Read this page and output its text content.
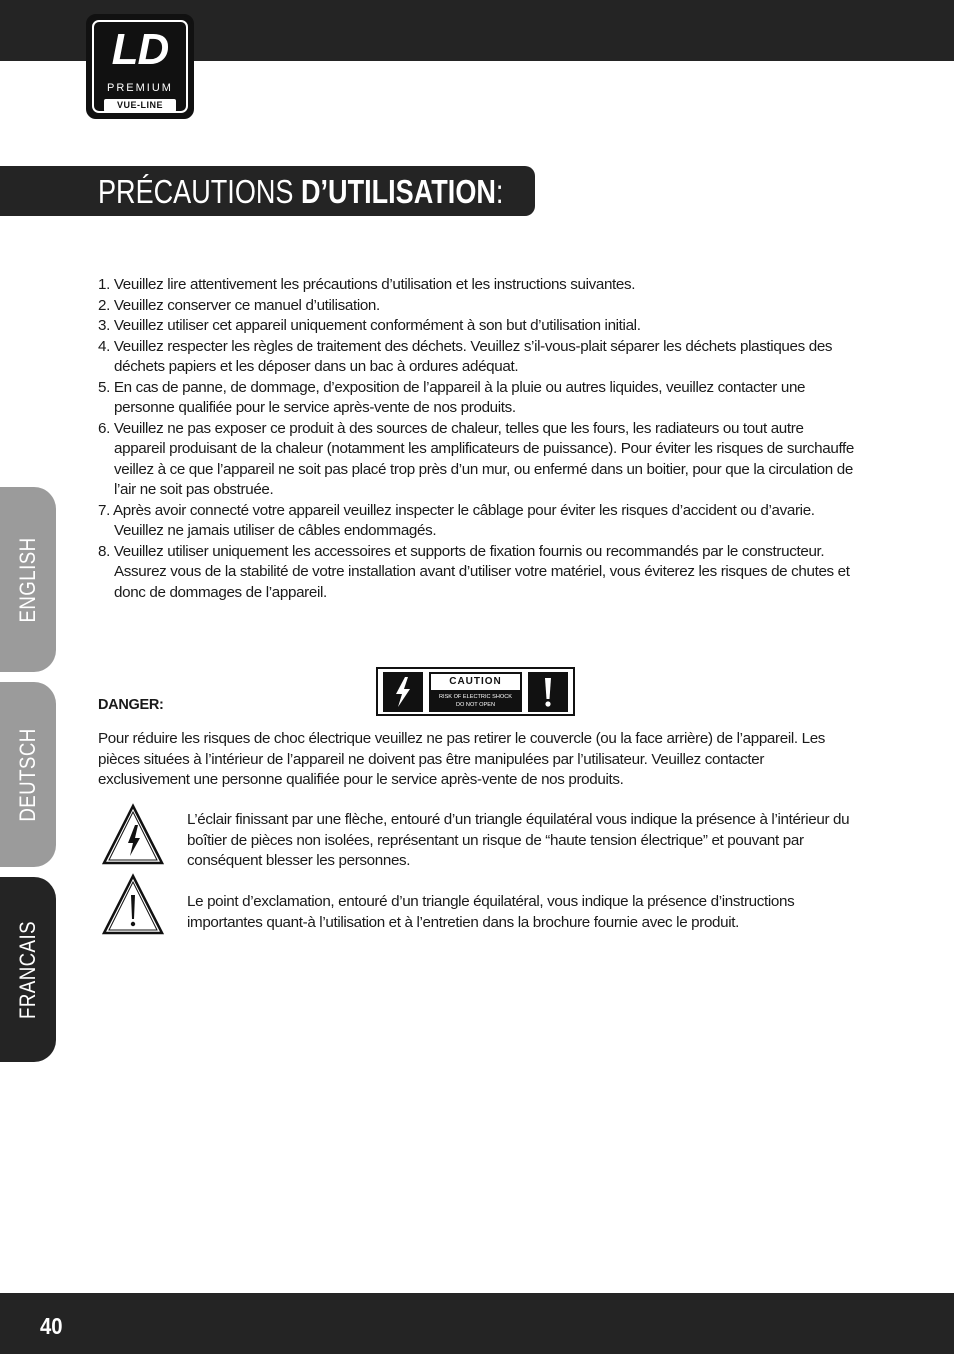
LD
PREMIUM
VUE-LINE
PRÉCAUTIONS D’UTILISATION:
1. Veuillez lire attentivement les précautions d’utilisation et les instructions suivantes.
2. Veuillez conserver ce manuel d’utilisation.
3. Veuillez utiliser cet appareil uniquement conformément à son but d’utilisation initial.
4. Veuillez respecter les règles de traitement des déchets. Veuillez s’il-vous-plait séparer les déchets plastiques des déchets papiers et les déposer dans un bac à ordures adéquat.
5. En cas de panne, de dommage, d’exposition de l’appareil à la pluie ou autres liquides, veuillez contacter une personne qualifiée pour le service après-vente de nos produits.
6. Veuillez ne pas exposer ce produit à des sources de chaleur, telles que les fours, les radiateurs ou tout autre appareil produisant de la chaleur (notamment les amplificateurs de puissance). Pour éviter les risques de surchauffe veillez à ce que l’appareil ne soit pas placé trop près d’un mur, ou enfermé dans un boitier, pour que la circulation de l’air ne soit pas obstruée.
7. Après avoir connecté votre appareil veuillez inspecter le câblage pour éviter les risques d’accident ou d’avarie. Veuillez ne jamais utiliser de câbles endommagés.
8. Veuillez utiliser uniquement les accessoires et supports de fixation fournis ou recommandés par le constructeur. Assurez vous de la stabilité de votre installation avant d’utiliser votre matériel, vous éviterez les risques de chutes et donc de dommages de l’appareil.
DANGER:
CAUTION
RISK OF ELECTRIC SHOCK
DO NOT OPEN
Pour réduire les risques de choc électrique veuillez ne pas retirer le couvercle (ou la face arrière) de l’appareil. Les pièces situées à l’intérieur de l’appareil ne doivent pas être manipulées par l’utilisateur. Veuillez contacter exclusivement une personne qualifiée pour le service après-vente de nos produits.
L’éclair finissant par une flèche, entouré d’un triangle équilatéral vous indique la présence à l’intérieur du boîtier de pièces non isolées, représentant un risque de “haute tension électrique” et pouvant par conséquent blesser les personnes.
Le point d’exclamation, entouré d’un triangle équilatéral, vous indique la présence d’instructions importantes quant-à l’utilisation et à l’entretien dans la brochure fournie avec le produit.
ENGLISH
DEUTSCH
FRANCAIS
40
